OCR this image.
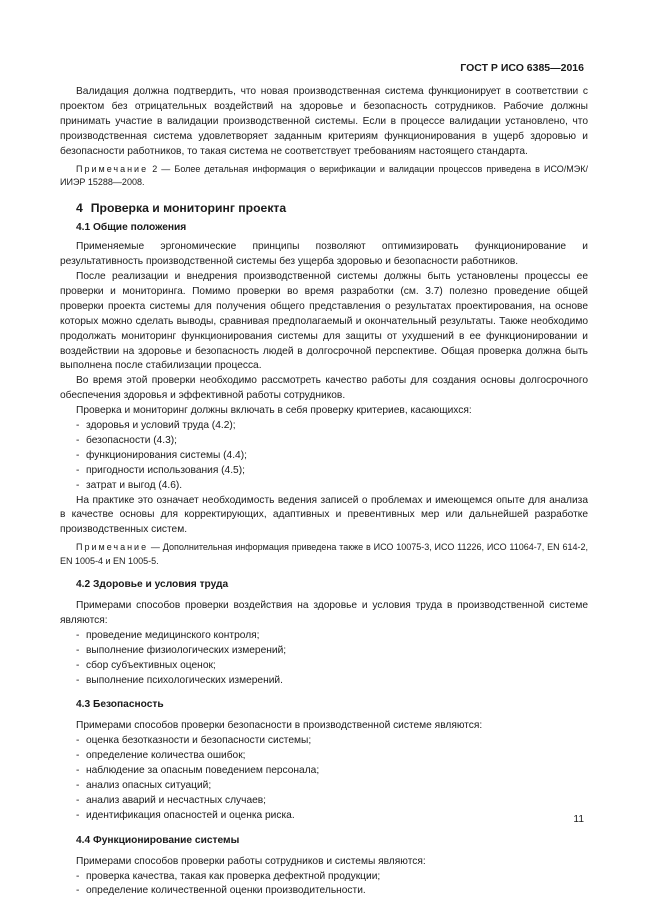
ГОСТ Р ИСО 6385—2016

Валидация должна подтвердить, что новая производственная система функционирует в соответствии с проектом без отрицательных воздействий на здоровье и безопасность сотрудников. Рабочие должны принимать участие в валидации производственной системы. Если в процессе валидации установлено, что производственная система удовлетворяет заданным критериям функционирования в ущерб здоровью и безопасности работников, то такая система не соответствует требованиям настоящего стандарта.

Примечание 2 — Более детальная информация о верификации и валидации процессов приведена в ИСО/МЭК/ИИЭР 15288—2008.

4 Проверка и мониторинг проекта
4.1 Общие положения

Применяемые эргономические принципы позволяют оптимизировать функционирование и результативность производственной системы без ущерба здоровью и безопасности работников.

После реализации и внедрения производственной системы должны быть установлены процессы ее проверки и мониторинга. Помимо проверки во время разработки (см. 3.7) полезно проведение общей проверки проекта системы для получения общего представления о результатах проектирования, на основе которых можно сделать выводы, сравнивая предполагаемый и окончательный результаты. Также необходимо продолжать мониторинг функционирования системы для защиты от ухудшений в ее функционировании и воздействии на здоровье и безопасность людей в долгосрочной перспективе. Общая проверка должна быть выполнена после стабилизации процесса.

Во время этой проверки необходимо рассмотреть качество работы для создания основы долгосрочного обеспечения здоровья и эффективной работы сотрудников.

Проверка и мониторинг должны включать в себя проверку критериев, касающихся:

- здоровья и условий труда (4.2);
- безопасности (4.3);
- функционирования системы (4.4);
- пригодности использования (4.5);
- затрат и выгод (4.6).

На практике это означает необходимость ведения записей о проблемах и имеющемся опыте для анализа в качестве основы для корректирующих, адаптивных и превентивных мер или дальнейшей разработке производственных систем.

Примечание — Дополнительная информация приведена также в ИСО 10075-3, ИСО 11226, ИСО 11064-7, EN 614-2, EN 1005-4 и EN 1005-5.

4.2 Здоровье и условия труда

Примерами способов проверки воздействия на здоровье и условия труда в производственной системе являются:

- проведение медицинского контроля;
- выполнение физиологических измерений;
- сбор субъективных оценок;
- выполнение психологических измерений.
4.3 Безопасность

Примерами способов проверки безопасности в производственной системе являются:

- оценка безотказности и безопасности системы;
- определение количества ошибок;
- наблюдение за опасным поведением персонала;
- анализ опасных ситуаций;
- анализ аварий и несчастных случаев;
- идентификация опасностей и оценка риска.
4.4 Функционирование системы

Примерами способов проверки работы сотрудников и системы являются:

- проверка качества, такая как проверка дефектной продукции;
- определение количественной оценки производительности.
11
